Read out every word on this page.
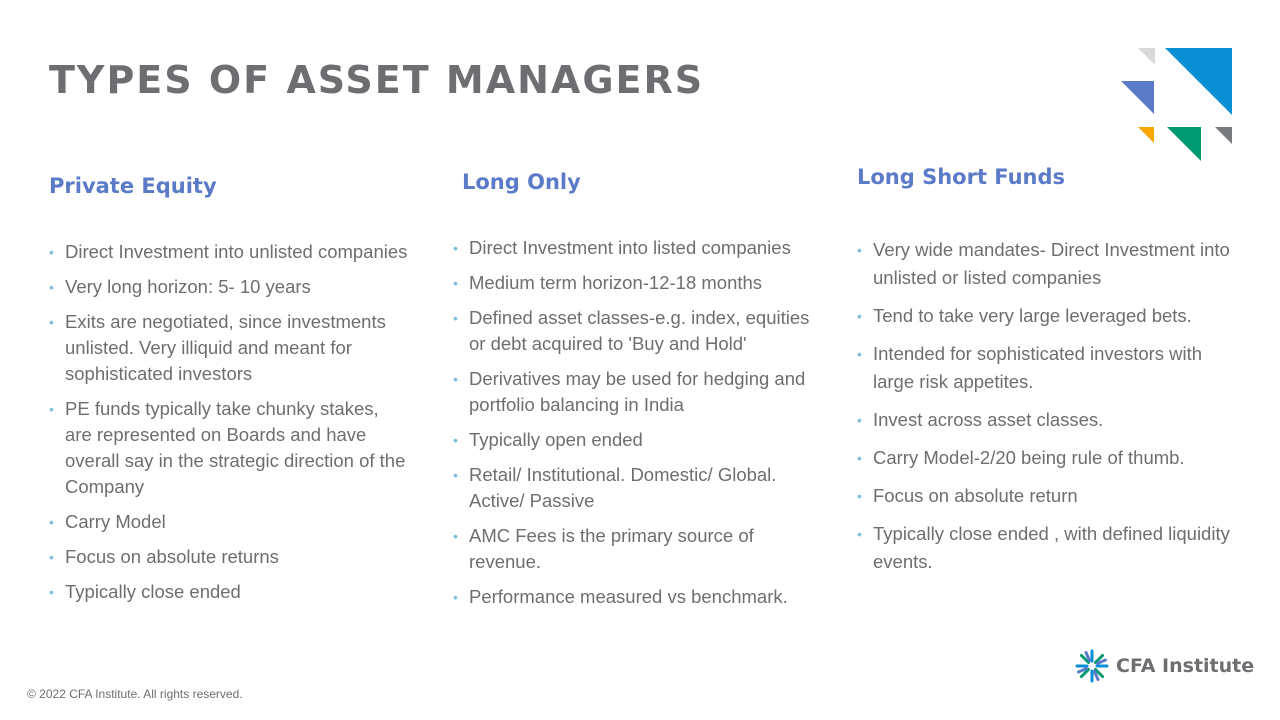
TYPES OF ASSET MANAGERS
Private Equity
• Direct Investment into unlisted companies
• Very long horizon: 5- 10 years
• Exits are negotiated, since investments unlisted. Very illiquid and meant for sophisticated investors
• PE funds typically take chunky stakes, are represented on Boards and have overall say in the strategic direction of the Company
• Carry Model
• Focus on absolute returns
• Typically close ended
Long Only
• Direct Investment into listed companies
• Medium term horizon-12-18 months
• Defined asset classes-e.g. index, equities or debt acquired to 'Buy and Hold'
• Derivatives may be used for hedging and portfolio balancing in India
• Typically open ended
• Retail/ Institutional. Domestic/ Global. Active/ Passive
• AMC Fees is the primary source of revenue.
• Performance measured vs benchmark.
Long Short Funds
• Very wide mandates- Direct Investment into unlisted or listed companies
• Tend to take very large leveraged bets.
• Intended for sophisticated investors with large risk appetites.
• Invest across asset classes.
• Carry Model-2/20 being rule of thumb.
• Focus on absolute return
• Typically close ended , with defined liquidity events.
© 2022 CFA Institute. All rights reserved.
CFA Institute
